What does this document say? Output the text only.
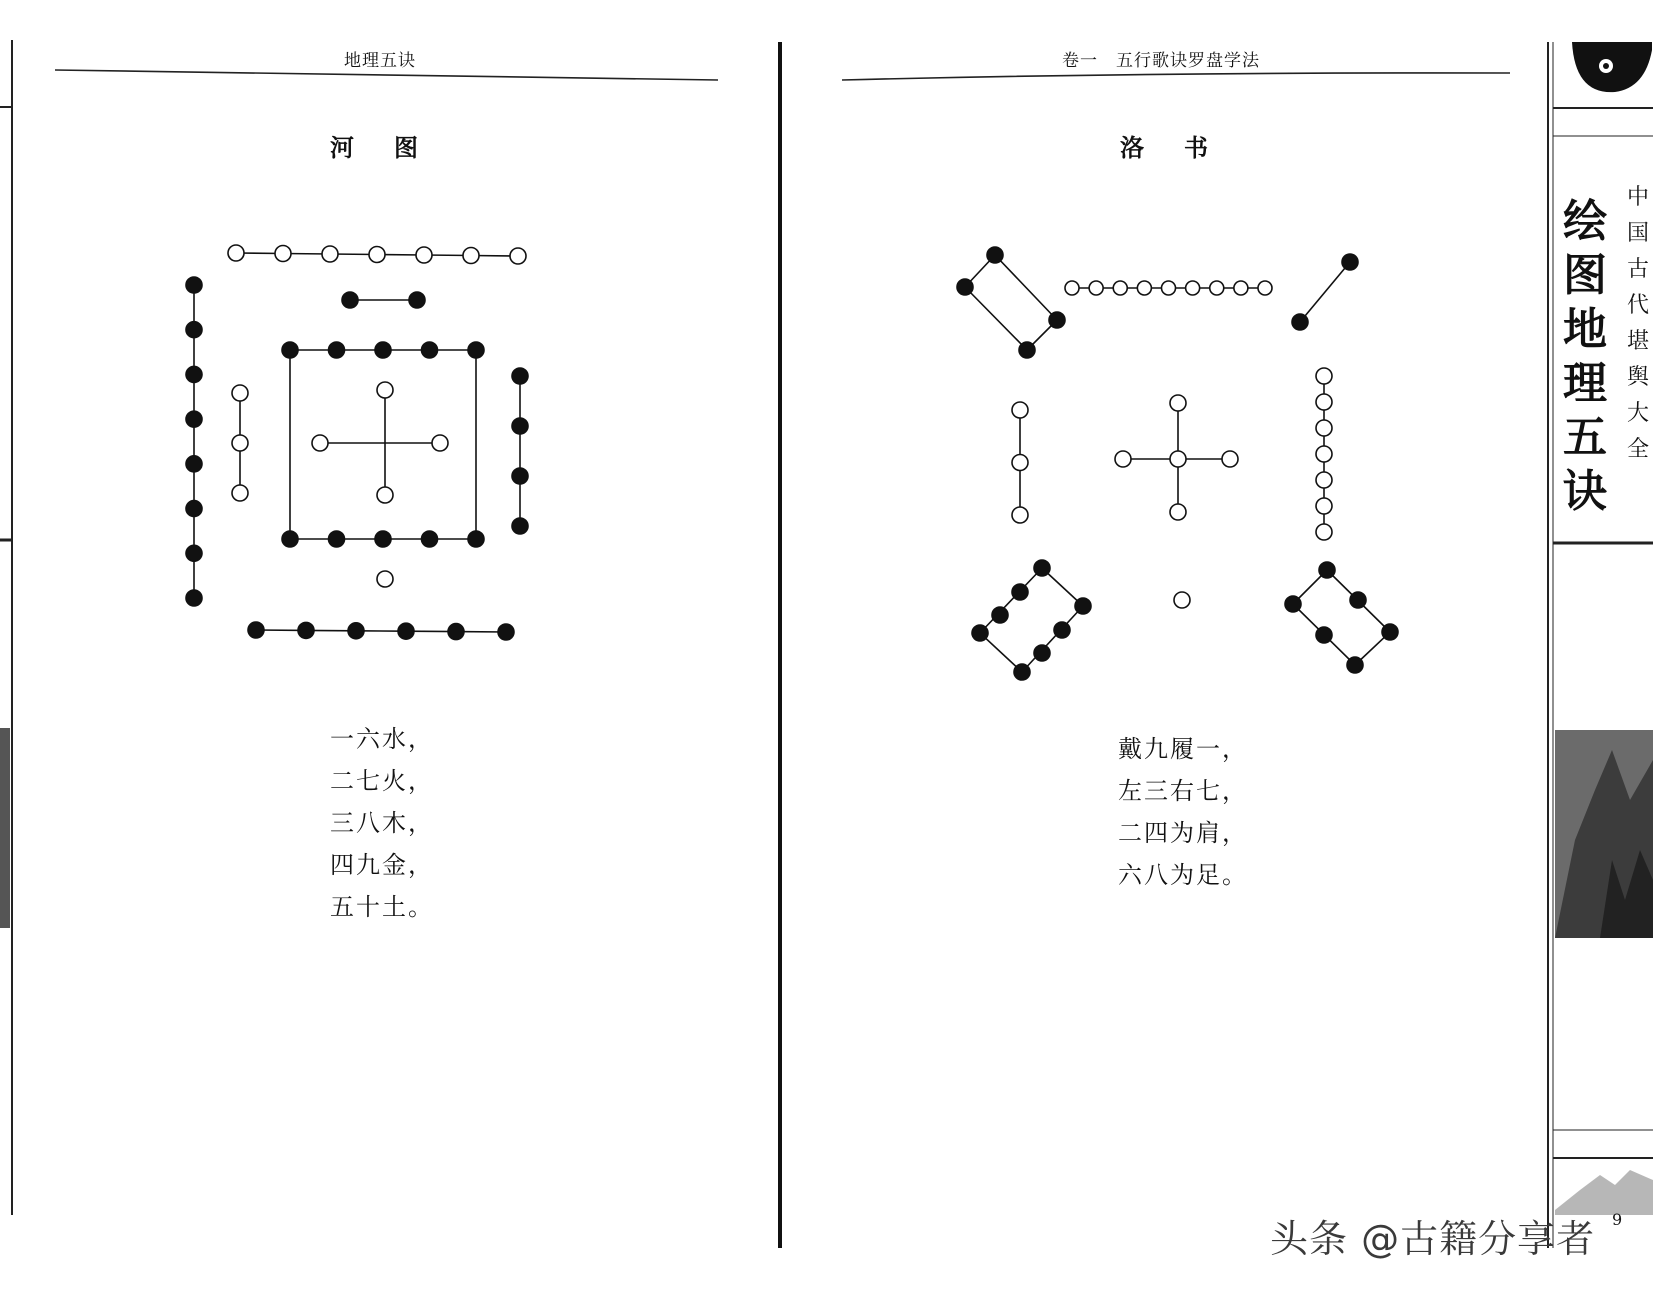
地理五诀
河　图
一六水，
二七火，
三八木，
四九金，
五十土。
卷一　五行歌诀罗盘学法
洛　书
戴九履一，
左三右七，
二四为肩，
六八为足。
绘
图
地
理
五
诀
中
国
古
代
堪
舆
大
全
9
头条 @古籍分享者
